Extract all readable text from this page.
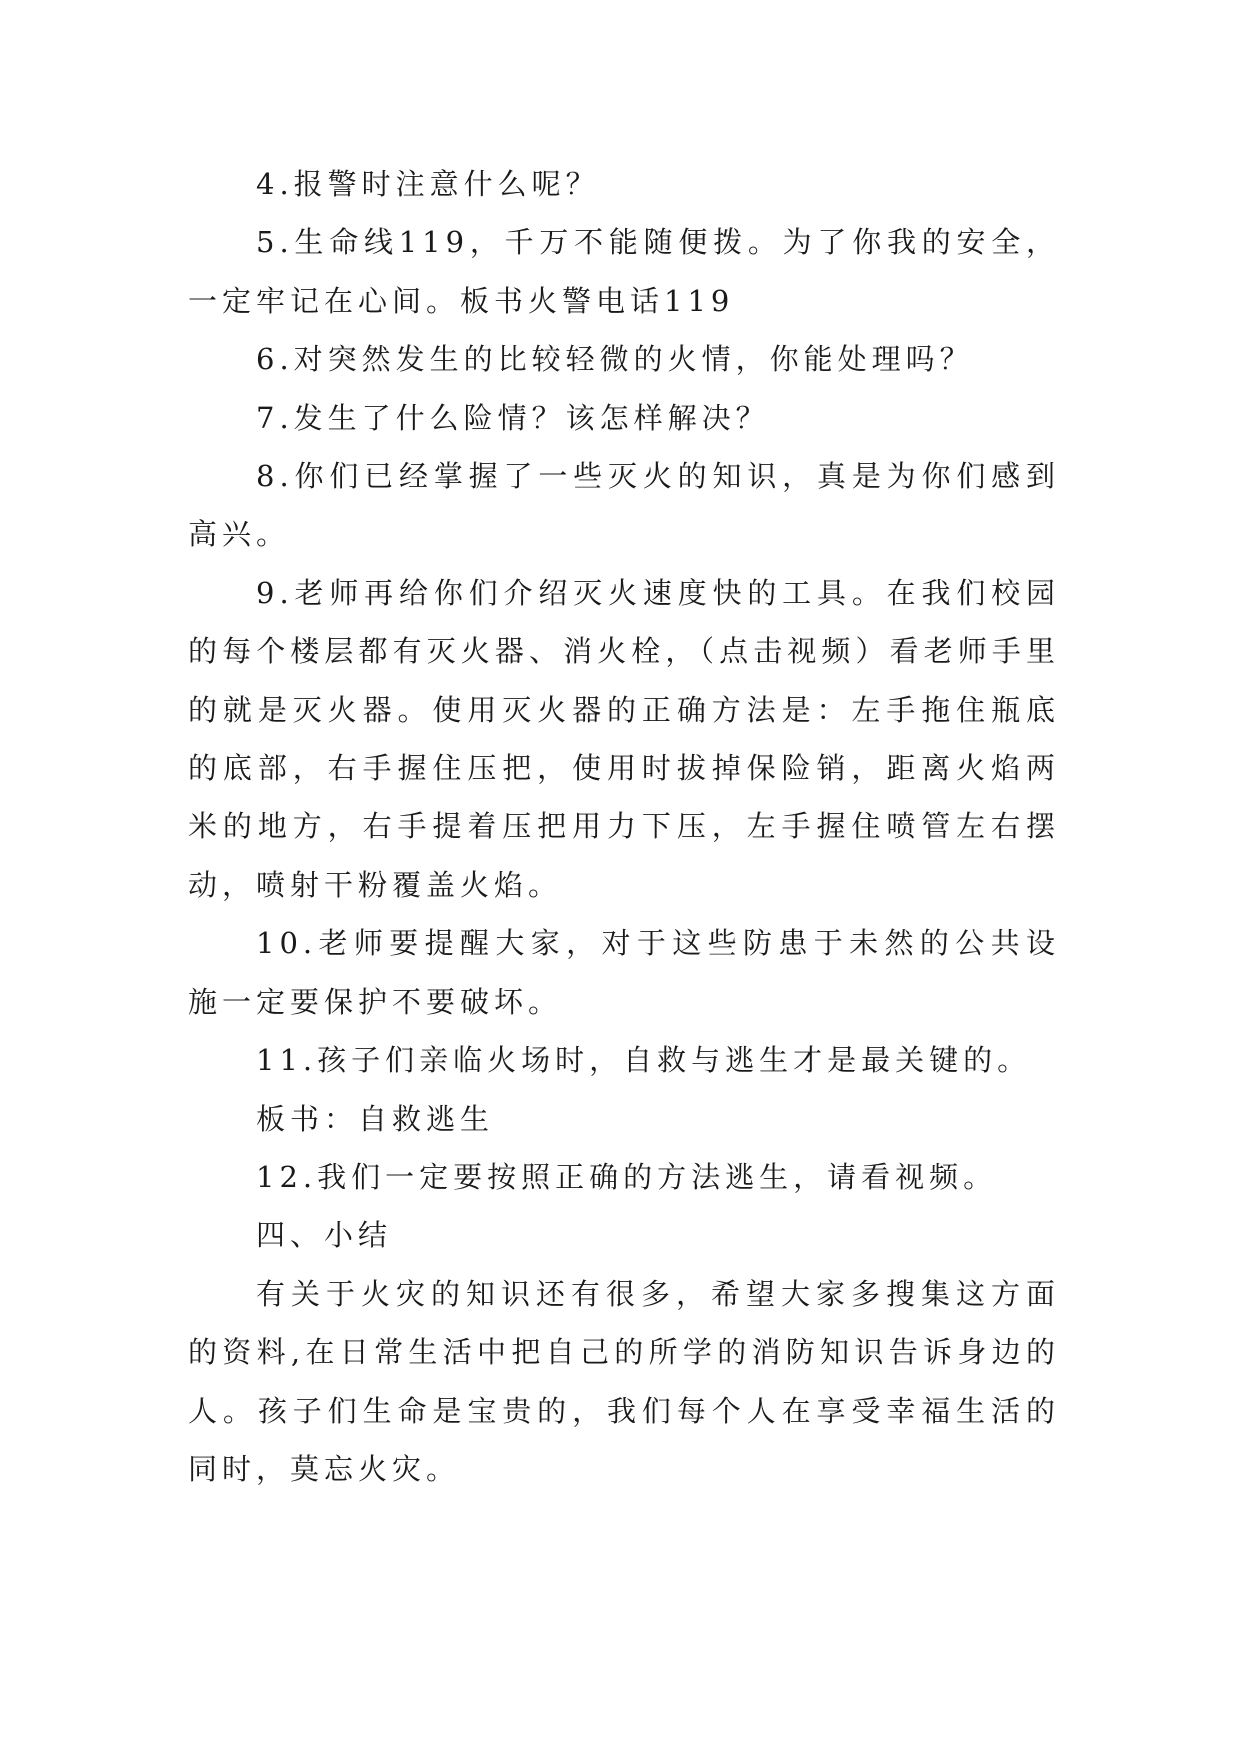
4.报警时注意什么呢？

5.生命线119，千万不能随便拨。为了你我的安全，一定牢记在心间。板书火警电话119

6.对突然发生的比较轻微的火情，你能处理吗？

7.发生了什么险情？该怎样解决？

8.你们已经掌握了一些灭火的知识，真是为你们感到高兴。

9.老师再给你们介绍灭火速度快的工具。在我们校园的每个楼层都有灭火器、消火栓，（点击视频）看老师手里的就是灭火器。使用灭火器的正确方法是：左手拖住瓶底的底部，右手握住压把，使用时拔掉保险销，距离火焰两米的地方，右手提着压把用力下压，左手握住喷管左右摆动，喷射干粉覆盖火焰。

10.老师要提醒大家，对于这些防患于未然的公共设施一定要保护不要破坏。

11.孩子们亲临火场时，自救与逃生才是最关键的。

板书：自救逃生

12.我们一定要按照正确的方法逃生，请看视频。

四、小结

有关于火灾的知识还有很多，希望大家多搜集这方面的资料,在日常生活中把自己的所学的消防知识告诉身边的人。孩子们生命是宝贵的，我们每个人在享受幸福生活的同时，莫忘火灾。
